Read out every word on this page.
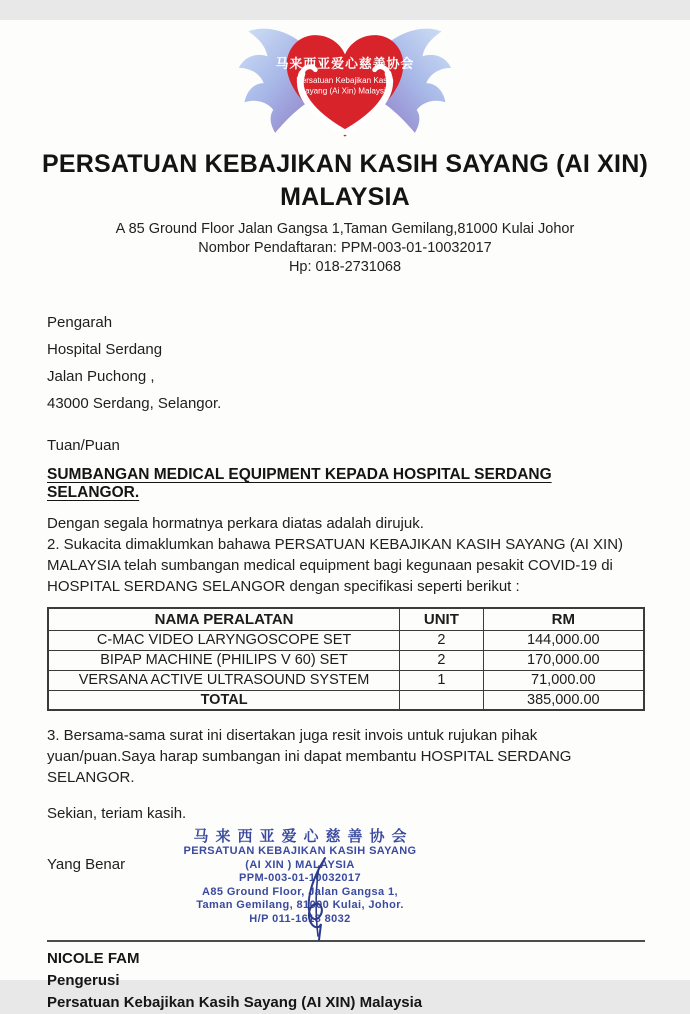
马来西亚爱心慈善协会
Persatuan Kebajikan Kasih
Sayang (Ai Xin) Malaysia
PERSATUAN KEBAJIKAN KASIH SAYANG (AI XIN)
MALAYSIA
A 85 Ground Floor Jalan Gangsa 1,Taman Gemilang,81000 Kulai Johor
Nombor Pendaftaran: PPM-003-01-10032017
Hp: 018-2731068
Pengarah
Hospital Serdang
Jalan Puchong ,
43000 Serdang, Selangor.
Tuan/Puan
SUMBANGAN MEDICAL EQUIPMENT KEPADA HOSPITAL SERDANG SELANGOR.

Dengan segala hormatnya perkara diatas adalah dirujuk.

2. Sukacita dimaklumkan bahawa PERSATUAN KEBAJIKAN KASIH SAYANG (AI XIN) MALAYSIA telah sumbangan medical equipment bagi kegunaan pesakit COVID-19 di HOSPITAL SERDANG SELANGOR dengan specifikasi seperti berikut :

NAMA PERALATAN	UNIT	RM
C-MAC VIDEO LARYNGOSCOPE SET	2	144,000.00
BIPAP MACHINE (PHILIPS V 60) SET	2	170,000.00
VERSANA ACTIVE ULTRASOUND SYSTEM	1	71,000.00
TOTAL		385,000.00

3. Bersama-sama surat ini disertakan juga resit invois untuk rujukan pihak yuan/puan.Saya harap sumbangan ini dapat membantu HOSPITAL SERDANG SELANGOR.

Sekian, teriam kasih.

Yang Benar
马来西亚爱心慈善协会
PERSATUAN KEBAJIKAN KASIH SAYANG
(AI XIN ) MALAYSIA
PPM-003-01-10032017
A85 Ground Floor, Jalan Gangsa 1,
Taman Gemilang, 81000 Kulai, Johor.
H/P 011-1618 8032
NICOLE FAM
Pengerusi
Persatuan Kebajikan Kasih Sayang (AI XIN) Malaysia
